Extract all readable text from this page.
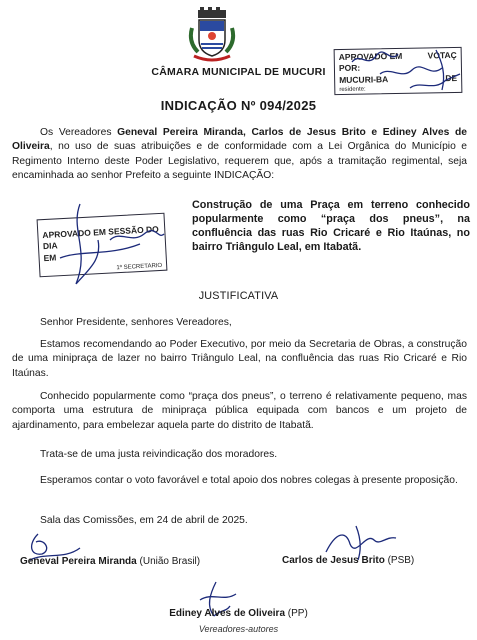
CÂMARA MUNICIPAL DE MUCURI
APROVADO EM	VOTAÇ
POR:
MUCURI-BA	DE
residente:
INDICAÇÃO Nº 094/2025
Os Vereadores Geneval Pereira Miranda, Carlos de Jesus Brito e Ediney Alves de Oliveira, no uso de suas atribuições e de conformidade com a Lei Orgânica do Município e Regimento Interno deste Poder Legislativo, requerem que, após a tramitação regimental, seja encaminhada ao senhor Prefeito a seguinte INDICAÇÃO:
APROVADO EM SESSÃO DO DIA
EM
1º SECRETARIO
Construção de uma Praça em terreno conhecido popularmente como “praça dos pneus”, na confluência das ruas Rio Cricaré e Rio Itaúnas, no bairro Triângulo Leal, em Itabatã.
JUSTIFICATIVA

Senhor Presidente, senhores Vereadores,

Estamos recomendando ao Poder Executivo, por meio da Secretaria de Obras, a construção de uma minipraça de lazer no bairro Triângulo Leal, na confluência das ruas Rio Cricaré e Rio Itaúnas.

Conhecido popularmente como “praça dos pneus”, o terreno é relativamente pequeno, mas comporta uma estrutura de minipraça pública equipada com bancos e um projeto de ajardinamento, para embelezar aquela parte do distrito de Itabatã.

Trata-se de uma justa reivindicação dos moradores.

Esperamos contar o voto favorável e total apoio dos nobres colegas à presente proposição.

Sala das Comissões, em 24 de abril de 2025.

Geneval Pereira Miranda (União Brasil)	Carlos de Jesus Brito (PSB)
Ediney Alves de Oliveira (PP)
Vereadores-autores
